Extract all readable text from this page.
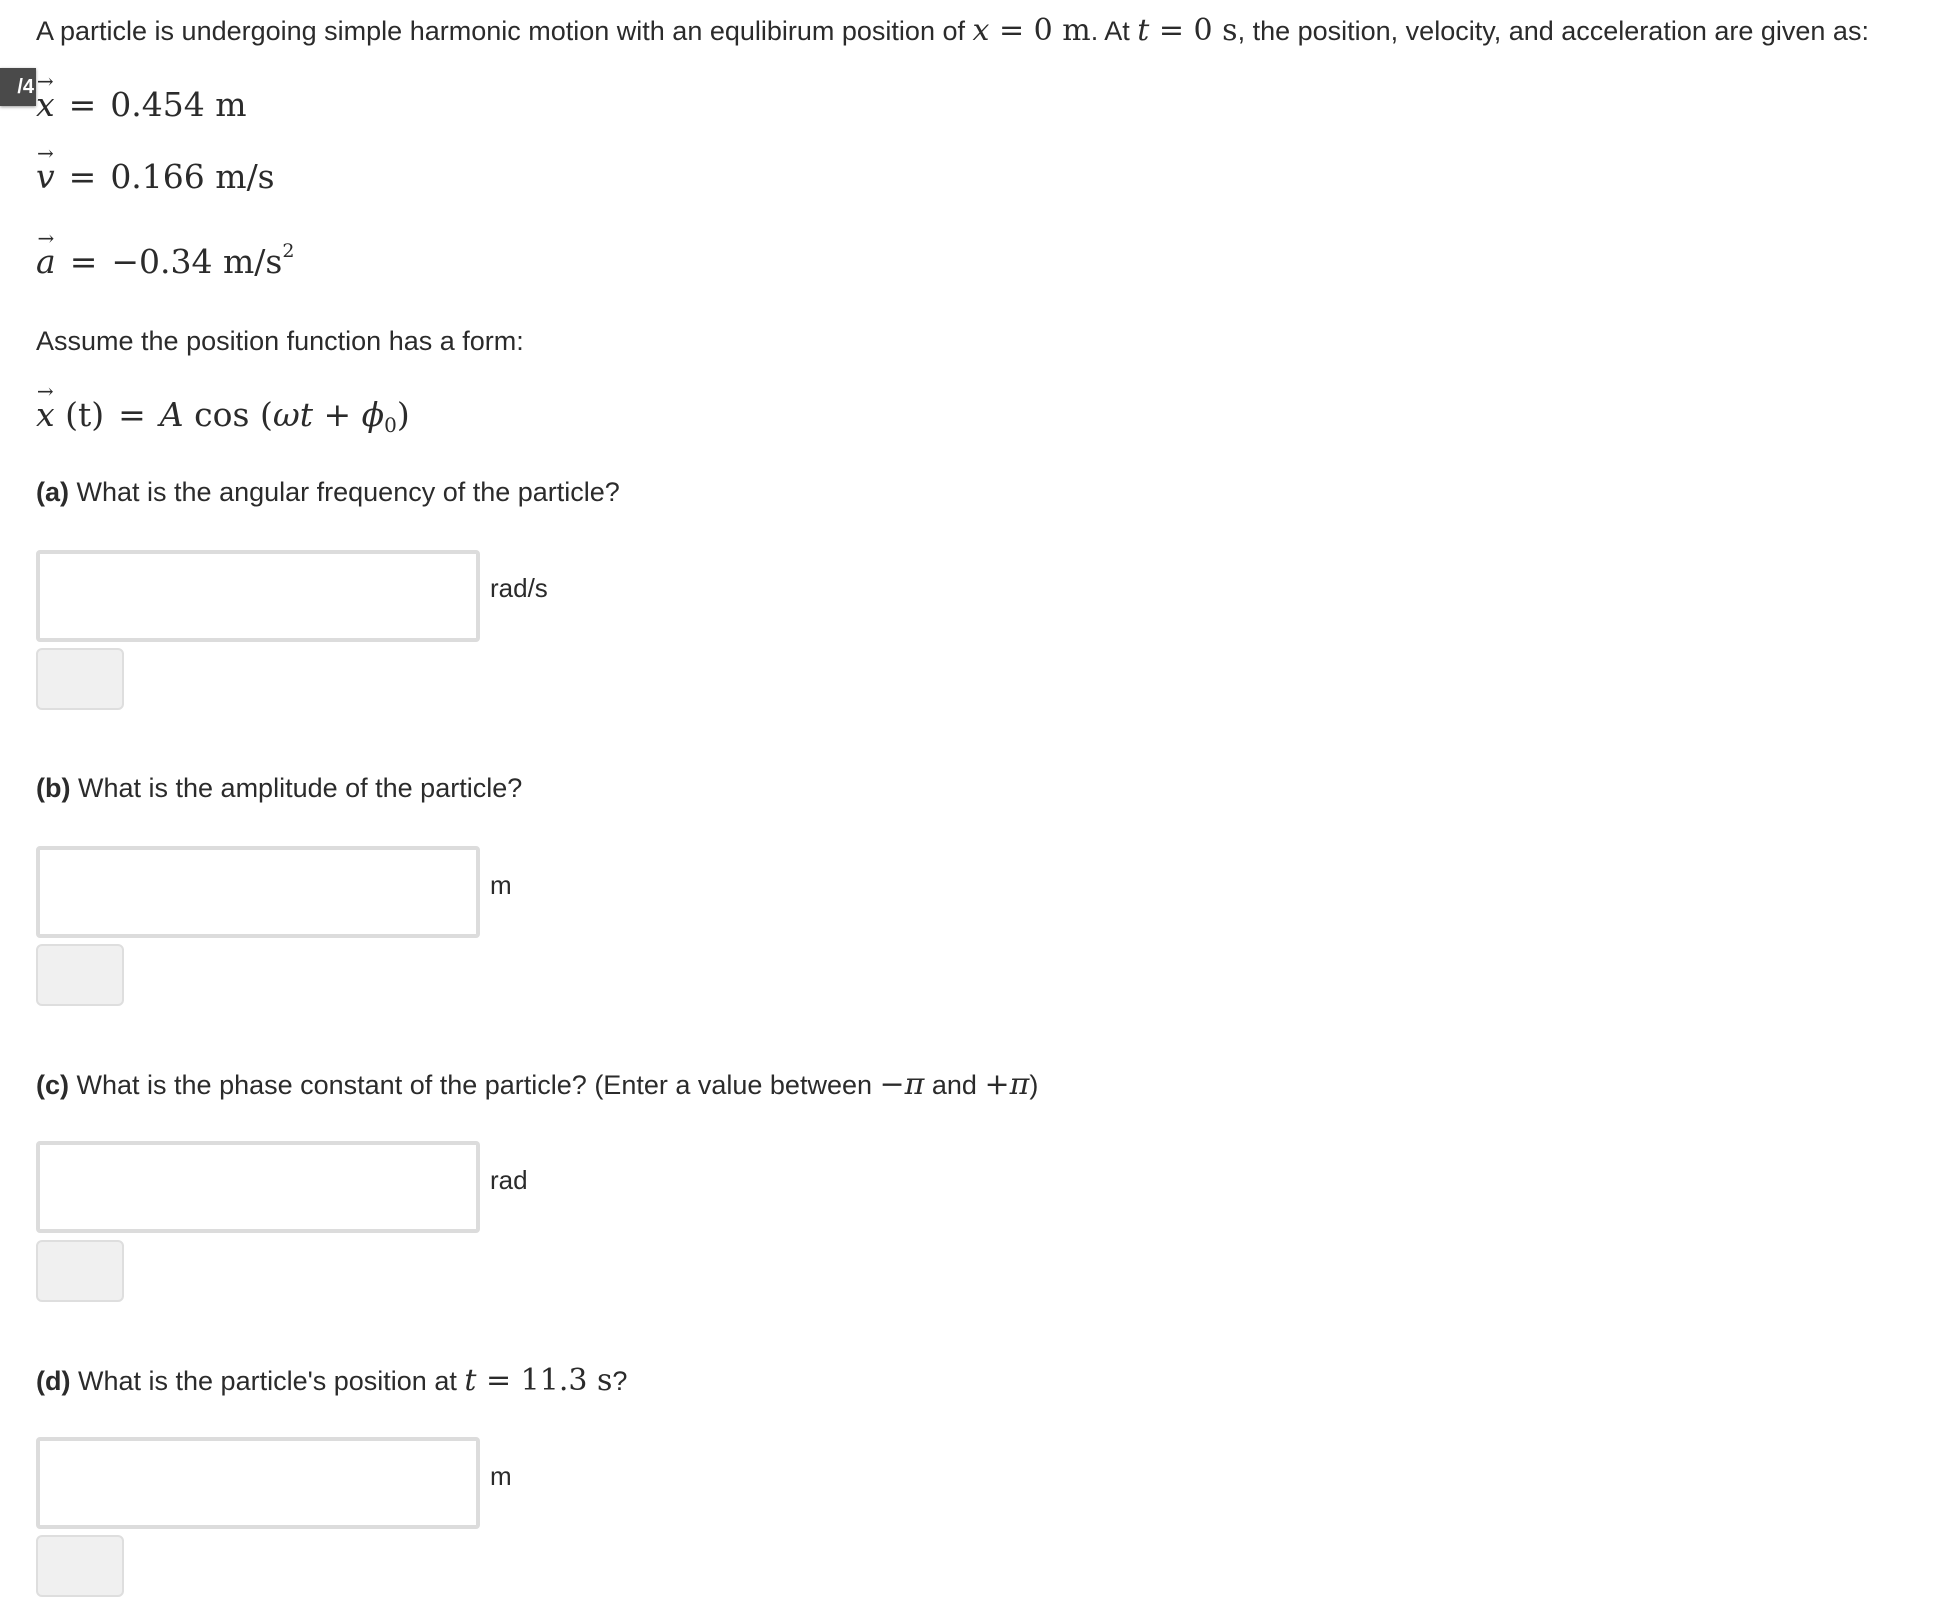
/4
A particle is undergoing simple harmonic motion with an equlibirum position of x = 0 m. At t = 0 s, the position, velocity, and acceleration are given as:
→ x = 0.454 m
→ v = 0.166 m/s
→ a = −0.34 $m/s^2$
Assume the position function has a form:
→ x (t) = A $\cos (\omega t + \phi_0)$
(a) What is the angular frequency of the particle?
rad/s
(b) What is the amplitude of the particle?
m
(c) What is the phase constant of the particle? (Enter a value between −π and +π)
rad
(d) What is the particle's position at t = 11.3 s?
m
